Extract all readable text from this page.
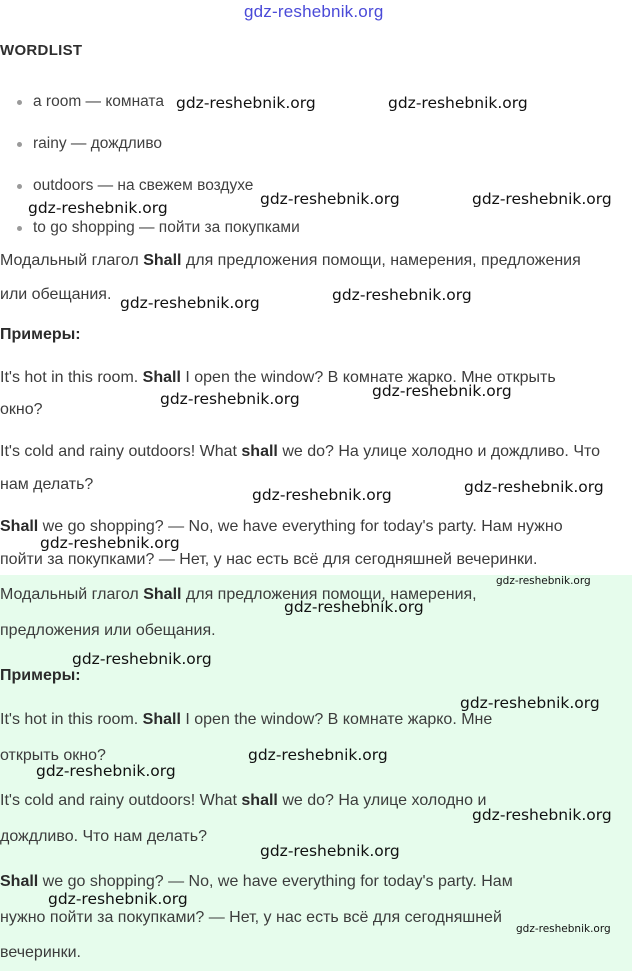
gdz-reshebnik.org
WORDLIST
a room — комната
rainy — дождливо
outdoors — на свежем воздухе
to go shopping — пойти за покупками
Модальный глагол Shall для предложения помощи, намерения, предложения
или обещания.
Примеры:
It's hot in this room. Shall I open the window? В комнате жарко. Мне открыть
окно?
It's cold and rainy outdoors! What shall we do? На улице холодно и дождливо. Что
нам делать?
Shall we go shopping? — No, we have everything for today's party. Нам нужно
пойти за покупками? — Нет, у нас есть всё для сегодняшней вечеринки.
Модальный глагол Shall для предложения помощи, намерения,
предложения или обещания.
Примеры:
It's hot in this room. Shall I open the window? В комнате жарко. Мне
открыть окно?
It's cold and rainy outdoors! What shall we do? На улице холодно и
дождливо. Что нам делать?
Shall we go shopping? — No, we have everything for today's party. Нам
нужно пойти за покупками? — Нет, у нас есть всё для сегодняшней
вечеринки.
gdz-reshebnik.org	gdz-reshebnik.org
gdz-reshebnik.org	gdz-reshebnik.org	gdz-reshebnik.org
gdz-reshebnik.org	gdz-reshebnik.org
gdz-reshebnik.org	gdz-reshebnik.org
gdz-reshebnik.org	gdz-reshebnik.org
gdz-reshebnik.org
gdz-reshebnik.org
gdz-reshebnik.org
gdz-reshebnik.org
gdz-reshebnik.org
gdz-reshebnik.org
gdz-reshebnik.org
gdz-reshebnik.org
gdz-reshebnik.org
gdz-reshebnik.org
gdz-reshebnik.org
